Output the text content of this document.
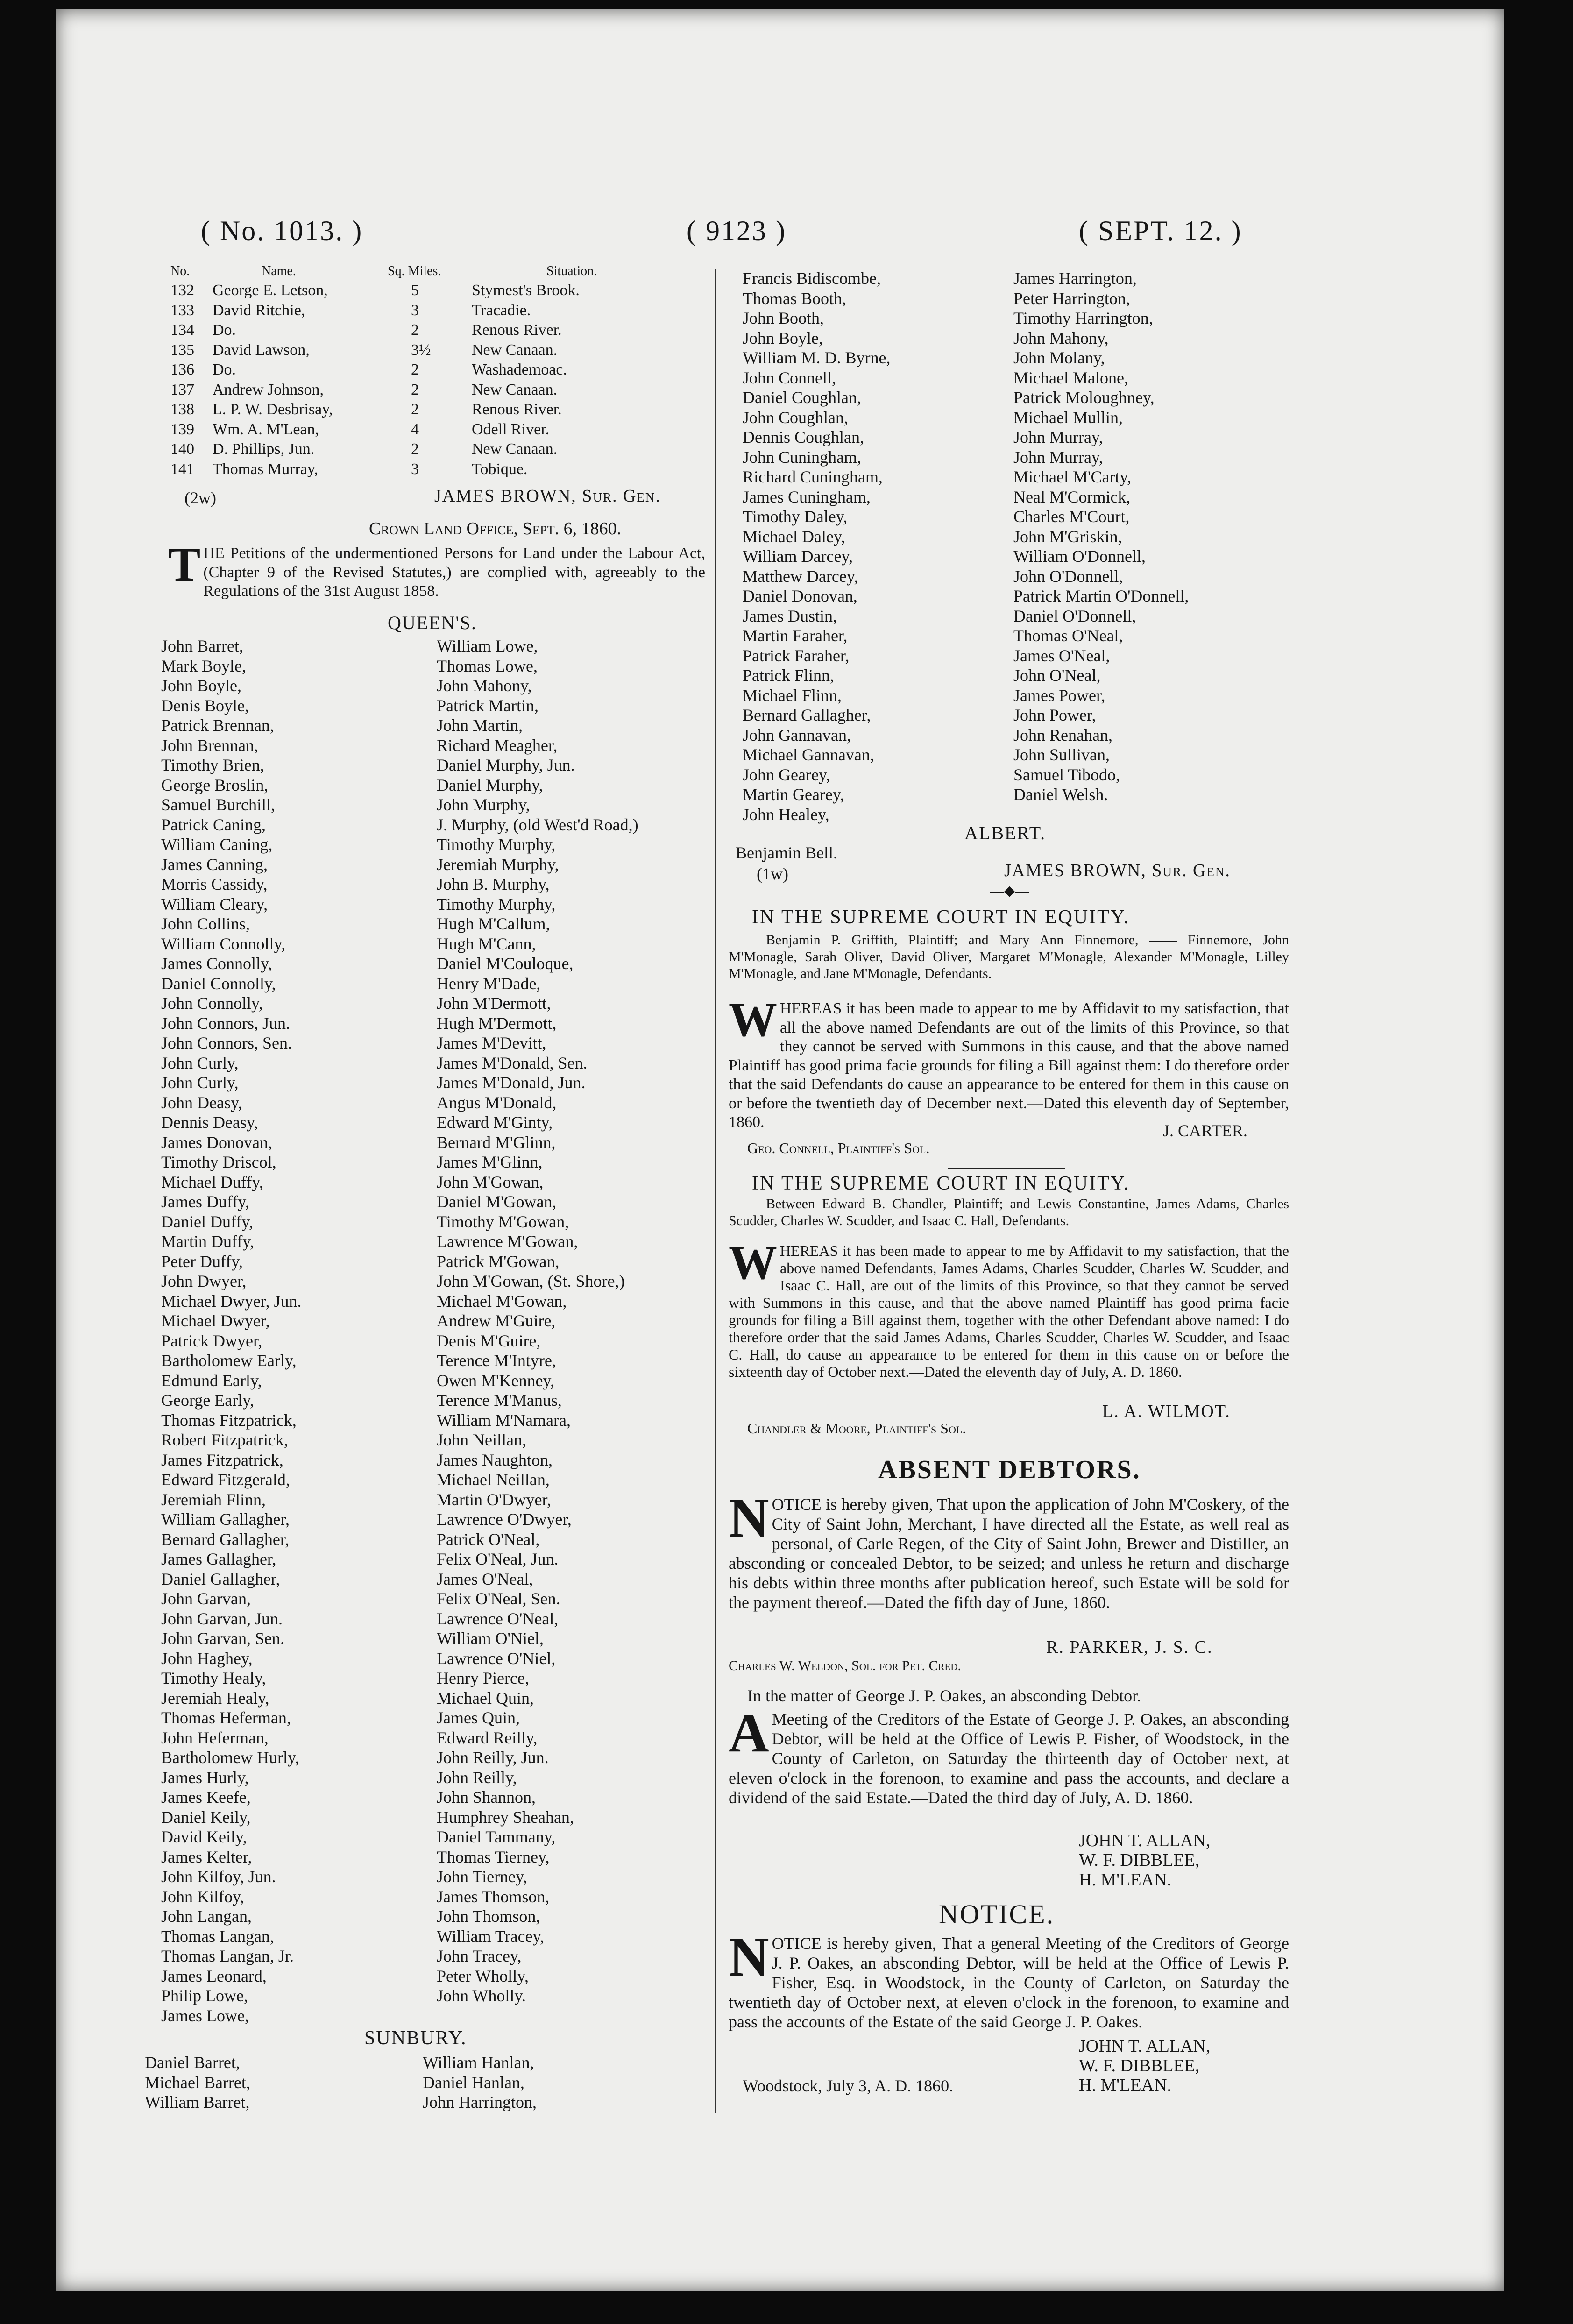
( No. 1013. )	( 9123 )	( SEPT. 12. )
No.	Name.	Sq. Miles.	Situation.
132 George E. Letson,	5	Stymest's Brook.
133 David Ritchie,	3	Tracadie.
134 Do.	2	Renous River.
135 David Lawson,	3½	New Canaan.
136 Do.	2	Washademoac.
137 Andrew Johnson,	2	New Canaan.
138 L. P. W. Desbrisay,	2	Renous River.
139 Wm. A. M'Lean,	4	Odell River.
140 D. Phillips, Jun.	2	New Canaan.
141 Thomas Murray,	3	Tobique.
(2w)	JAMES BROWN, Sur. Gen.
Crown Land Office, Sept. 6, 1860.
THE Petitions of the undermentioned Persons for Land under the Labour Act, (Chapter 9 of the Revised Statutes,) are complied with, agreeably to the Regulations of the 31st August 1858.
QUEEN'S.
John Barret,
Mark Boyle,
John Boyle,
Denis Boyle,
Patrick Brennan,
John Brennan,
Timothy Brien,
George Broslin,
Samuel Burchill,
Patrick Caning,
William Caning,
James Canning,
Morris Cassidy,
William Cleary,
John Collins,
William Connolly,
James Connolly,
Daniel Connolly,
John Connolly,
John Connors, Jun.
John Connors, Sen.
John Curly,
John Curly,
John Deasy,
Dennis Deasy,
James Donovan,
Timothy Driscol,
Michael Duffy,
James Duffy,
Daniel Duffy,
Martin Duffy,
Peter Duffy,
John Dwyer,
Michael Dwyer, Jun.
Michael Dwyer,
Patrick Dwyer,
Bartholomew Early,
Edmund Early,
George Early,
Thomas Fitzpatrick,
Robert Fitzpatrick,
James Fitzpatrick,
Edward Fitzgerald,
Jeremiah Flinn,
William Gallagher,
Bernard Gallagher,
James Gallagher,
Daniel Gallagher,
John Garvan,
John Garvan, Jun.
John Garvan, Sen.
John Haghey,
Timothy Healy,
Jeremiah Healy,
Thomas Heferman,
John Heferman,
Bartholomew Hurly,
James Hurly,
James Keefe,
Daniel Keily,
David Keily,
James Kelter,
John Kilfoy, Jun.
John Kilfoy,
John Langan,
Thomas Langan,
Thomas Langan, Jr.
James Leonard,
Philip Lowe,
James Lowe,
William Lowe,
Thomas Lowe,
John Mahony,
Patrick Martin,
John Martin,
Richard Meagher,
Daniel Murphy, Jun.
Daniel Murphy,
John Murphy,
J. Murphy, (old West'd Road,)
Timothy Murphy,
Jeremiah Murphy,
John B. Murphy,
Timothy Murphy,
Hugh M'Callum,
Hugh M'Cann,
Daniel M'Couloque,
Henry M'Dade,
John M'Dermott,
Hugh M'Dermott,
James M'Devitt,
James M'Donald, Sen.
James M'Donald, Jun.
Angus M'Donald,
Edward M'Ginty,
Bernard M'Glinn,
James M'Glinn,
John M'Gowan,
Daniel M'Gowan,
Timothy M'Gowan,
Lawrence M'Gowan,
Patrick M'Gowan,
John M'Gowan, (St. Shore,)
Michael M'Gowan,
Andrew M'Guire,
Denis M'Guire,
Terence M'Intyre,
Owen M'Kenney,
Terence M'Manus,
William M'Namara,
John Neillan,
James Naughton,
Michael Neillan,
Martin O'Dwyer,
Lawrence O'Dwyer,
Patrick O'Neal,
Felix O'Neal, Jun.
James O'Neal,
Felix O'Neal, Sen.
Lawrence O'Neal,
William O'Niel,
Lawrence O'Niel,
Henry Pierce,
Michael Quin,
James Quin,
Edward Reilly,
John Reilly, Jun.
John Reilly,
John Shannon,
Humphrey Sheahan,
Daniel Tammany,
Thomas Tierney,
John Tierney,
James Thomson,
John Thomson,
William Tracey,
John Tracey,
Peter Wholly,
John Wholly.
SUNBURY.
Daniel Barret,
Michael Barret,
William Barret,
William Hanlan,
Daniel Hanlan,
John Harrington,
Francis Bidiscombe,
Thomas Booth,
John Booth,
John Boyle,
William M. D. Byrne,
John Connell,
Daniel Coughlan,
John Coughlan,
Dennis Coughlan,
John Cuningham,
Richard Cuningham,
James Cuningham,
Timothy Daley,
Michael Daley,
William Darcey,
Matthew Darcey,
Daniel Donovan,
James Dustin,
Martin Faraher,
Patrick Faraher,
Patrick Flinn,
Michael Flinn,
Bernard Gallagher,
John Gannavan,
Michael Gannavan,
John Gearey,
Martin Gearey,
John Healey,
James Harrington,
Peter Harrington,
Timothy Harrington,
John Mahony,
John Molany,
Michael Malone,
Patrick Moloughney,
Michael Mullin,
John Murray,
John Murray,
Michael M'Carty,
Neal M'Cormick,
Charles M'Court,
John M'Griskin,
William O'Donnell,
John O'Donnell,
Patrick Martin O'Donnell,
Daniel O'Donnell,
Thomas O'Neal,
James O'Neal,
John O'Neal,
James Power,
John Power,
John Renahan,
John Sullivan,
Samuel Tibodo,
Daniel Welsh.
ALBERT.
Benjamin Bell.
(1w)	JAMES BROWN, Sur. Gen.
—◆—
IN THE SUPREME COURT IN EQUITY.
Benjamin P. Griffith, Plaintiff; and Mary Ann Finnemore, —— Finnemore, John M'Monagle, Sarah Oliver, David Oliver, Margaret M'Monagle, Alexander M'Monagle, Lilley M'Monagle, and Jane M'Monagle, Defendants.
WHEREAS it has been made to appear to me by Affidavit to my satisfaction, that all the above named Defendants are out of the limits of this Province, so that they cannot be served with Summons in this cause, and that the above named Plaintiff has good prima facie grounds for filing a Bill against them: I do therefore order that the said Defendants do cause an appearance to be entered for them in this cause on or before the twentieth day of December next.—Dated this eleventh day of September, 1860.	J. CARTER.
Geo. Connell, Plaintiff's Sol.
IN THE SUPREME COURT IN EQUITY.
Between Edward B. Chandler, Plaintiff; and Lewis Constantine, James Adams, Charles Scudder, Charles W. Scudder, and Isaac C. Hall, Defendants.
WHEREAS it has been made to appear to me by Affidavit to my satisfaction, that the above named Defendants, James Adams, Charles Scudder, Charles W. Scudder, and Isaac C. Hall, are out of the limits of this Province, so that they cannot be served with Summons in this cause, and that the above named Plaintiff has good prima facie grounds for filing a Bill against them, together with the other Defendant above named: I do therefore order that the said James Adams, Charles Scudder, Charles W. Scudder, and Isaac C. Hall, do cause an appearance to be entered for them in this cause on or before the sixteenth day of October next.—Dated the eleventh day of July, A. D. 1860.
L. A. WILMOT.
Chandler & Moore, Plaintiff's Sol.
ABSENT DEBTORS.
NOTICE is hereby given, That upon the application of John M'Coskery, of the City of Saint John, Merchant, I have directed all the Estate, as well real as personal, of Carle Regen, of the City of Saint John, Brewer and Distiller, an absconding or concealed Debtor, to be seized; and unless he return and discharge his debts within three months after publication hereof, such Estate will be sold for the payment thereof.—Dated the fifth day of June, 1860.
R. PARKER, J. S. C.
Charles W. Weldon, Sol. for Pet. Cred.
In the matter of George J. P. Oakes, an absconding Debtor.
A Meeting of the Creditors of the Estate of George J. P. Oakes, an absconding Debtor, will be held at the Office of Lewis P. Fisher, of Woodstock, in the County of Carleton, on Saturday the thirteenth day of October next, at eleven o'clock in the forenoon, to examine and pass the accounts, and declare a dividend of the said Estate.—Dated the third day of July, A. D. 1860.
JOHN T. ALLAN,
W. F. DIBBLEE,
H. M'LEAN.
NOTICE.
NOTICE is hereby given, That a general Meeting of the Creditors of George J. P. Oakes, an absconding Debtor, will be held at the Office of Lewis P. Fisher, Esq. in Woodstock, in the County of Carleton, on Saturday the twentieth day of October next, at eleven o'clock in the forenoon, to examine and pass the accounts of the Estate of the said George J. P. Oakes.
JOHN T. ALLAN,
W. F. DIBBLEE,
H. M'LEAN.
Woodstock, July 3, A. D. 1860.
